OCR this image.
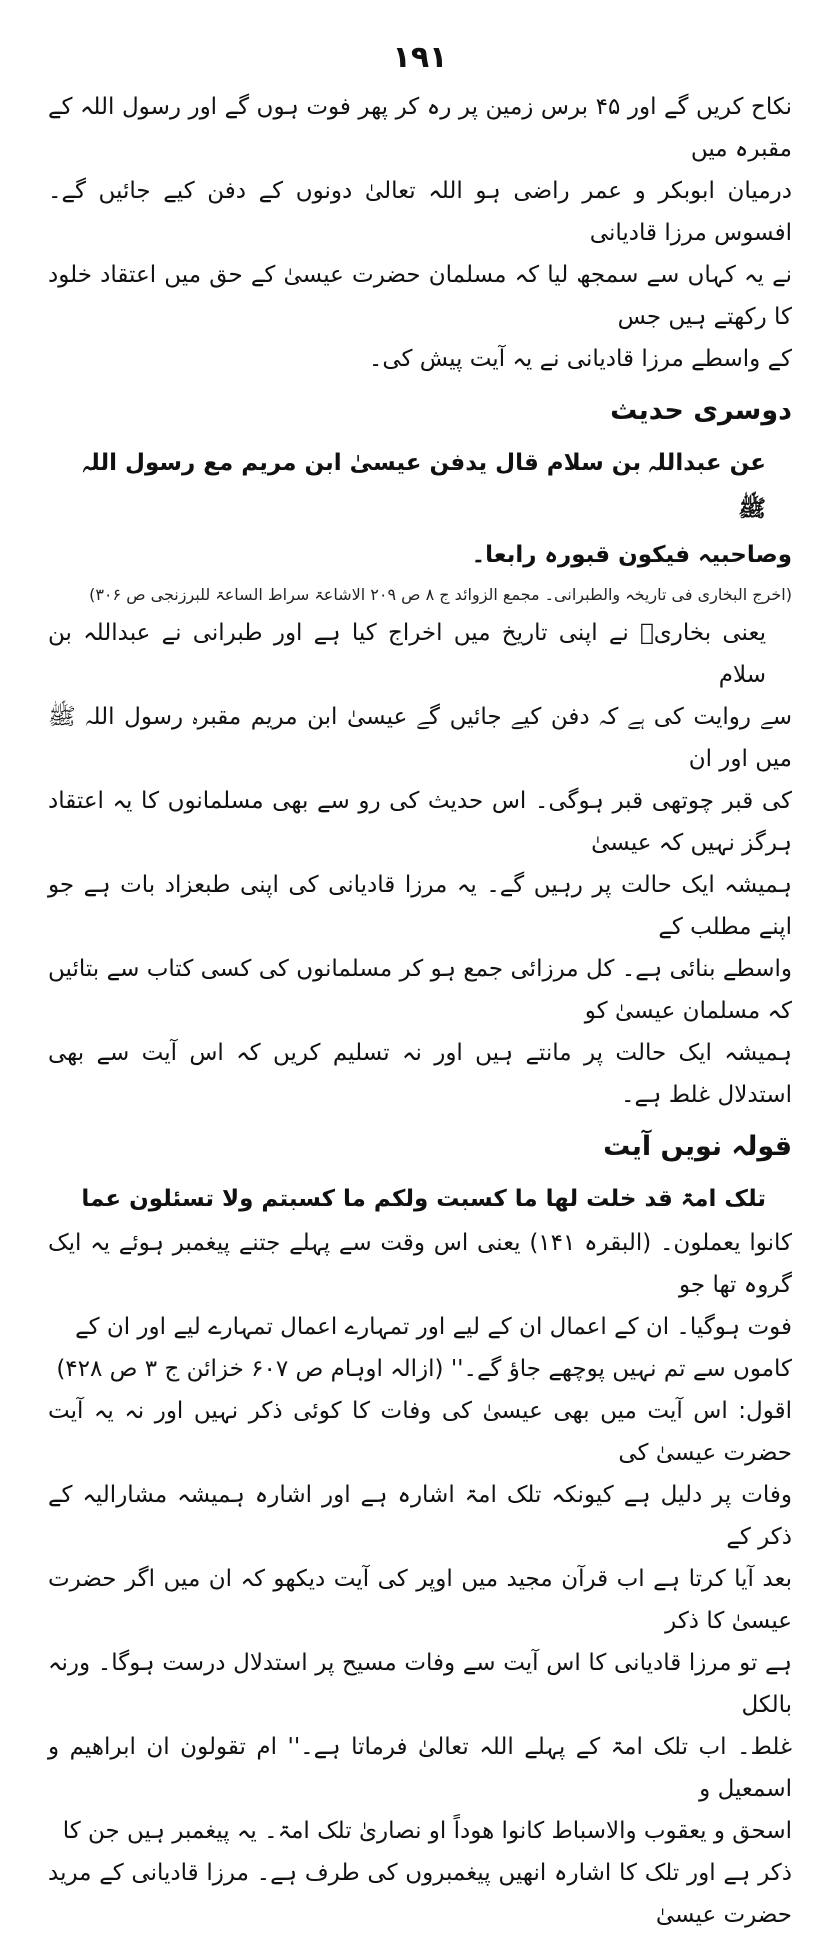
۱۹۱

نکاح کریں گے اور ۴۵ برس زمین پر رہ کر پھر فوت ہوں گے اور رسول اللہ کے مقبرہ میں

درمیان ابوبکر و عمر راضی ہو اللہ تعالیٰ دونوں کے دفن کیے جائیں گے۔ افسوس مرزا قادیانی

نے یہ کہاں سے سمجھ لیا کہ مسلمان حضرت عیسیٰ کے حق میں اعتقاد خلود کا رکھتے ہیں جس

کے واسطے مرزا قادیانی نے یہ آیت پیش کی۔

دوسری حدیث

عن عبداللہ بن سلام قال یدفن عیسیٰ ابن مریم مع رسول اللہ ﷺ

وصاحبیہ فیکون قبورہ رابعا۔

(اخرج البخاری فی تاریخہ والطبرانی۔ مجمع الزوائد ج ۸ ص ۲۰۹ الاشاعۃ سراط الساعۃ للبرزنجی ص ۳۰۶)

یعنی بخاریؒ نے اپنی تاریخ میں اخراج کیا ہے اور طبرانی نے عبداللہ بن سلام

سے روایت کی ہے کہ دفن کیے جائیں گے عیسیٰ ابن مریم مقبرہ رسول اللہ ﷺ میں اور ان

کی قبر چوتھی قبر ہوگی۔ اس حدیث کی رو سے بھی مسلمانوں کا یہ اعتقاد ہرگز نہیں کہ عیسیٰ

ہمیشہ ایک حالت پر رہیں گے۔ یہ مرزا قادیانی کی اپنی طبعزاد بات ہے جو اپنے مطلب کے

واسطے بنائی ہے۔ کل مرزائی جمع ہو کر مسلمانوں کی کسی کتاب سے بتائیں کہ مسلمان عیسیٰ کو

ہمیشہ ایک حالت پر مانتے ہیں اور نہ تسلیم کریں کہ اس آیت سے بھی استدلال غلط ہے۔

قولہ نویں آیت

تلک امۃ قد خلت لھا ما کسبت ولکم ما کسبتم ولا تسئلون عما

کانوا یعملون۔ (البقرہ ۱۴۱) یعنی اس وقت سے پہلے جتنے پیغمبر ہوئے یہ ایک گروہ تھا جو

فوت ہوگیا۔ ان کے اعمال ان کے لیے اور تمہارے اعمال تمہارے لیے اور ان کے

کاموں سے تم نہیں پوچھے جاؤ گے۔'' (ازالہ اوہام ص ۶۰۷ خزائن ج ۳ ص ۴۲۸)

اقول: اس آیت میں بھی عیسیٰ کی وفات کا کوئی ذکر نہیں اور نہ یہ آیت حضرت عیسیٰ کی

وفات پر دلیل ہے کیونکہ تلک امۃ اشارہ ہے اور اشارہ ہمیشہ مشارالیہ کے ذکر کے

بعد آیا کرتا ہے اب قرآن مجید میں اوپر کی آیت دیکھو کہ ان میں اگر حضرت عیسیٰ کا ذکر

ہے تو مرزا قادیانی کا اس آیت سے وفات مسیح پر استدلال درست ہوگا۔ ورنہ بالکل

غلط۔ اب تلک امۃ کے پہلے اللہ تعالیٰ فرماتا ہے۔'' ام تقولون ان ابراھیم و اسمعیل و

اسحق و یعقوب والاسباط کانوا ھوداً او نصاریٰ تلک امۃ۔ یہ پیغمبر ہیں جن کا

ذکر ہے اور تلک کا اشارہ انھیں پیغمبروں کی طرف ہے۔ مرزا قادیانی کے مرید حضرت عیسیٰ
